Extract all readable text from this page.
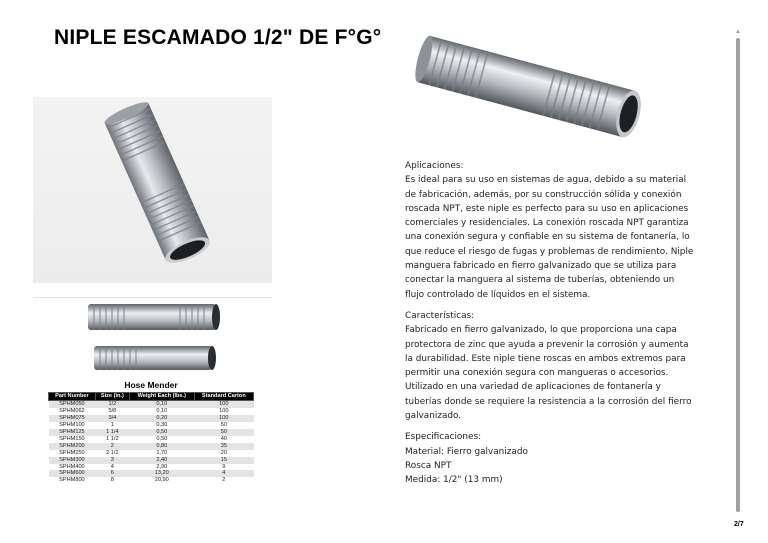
NIPLE ESCAMADO 1/2" DE F°G°
Hose Mender
Part Number	Size (in.)	Weight Each (lbs.)	Standard Carton
SPHM050	1/2	0,10	100
SPHM062	5/8	0,10	100
SPHM075	3/4	0,20	100
SPHM100	1	0,30	50
SPHM125	1 1/4	0,50	50
SPHM150	1 1/2	0,50	40
SPHM200	2	0,80	35
SPHM250	2 1/2	1,70	20
SPHM300	3	2,40	15
SPHM400	4	2,90	9
SPHM600	6	13,20	4
SPHM800	8	20,90	2

Aplicaciones:
Es ideal para su uso en sistemas de agua, debido a su material de fabricación, además, por su construcción sólida y conexión roscada NPT, este niple es perfecto para su uso en aplicaciones comerciales y residenciales. La conexión roscada NPT garantiza una conexión segura y confiable en su sistema de fontanería, lo que reduce el riesgo de fugas y problemas de rendimiento. Niple manguera fabricado en fierro galvanizado que se utiliza para conectar la manguera al sistema de tuberías, obteniendo un flujo controlado de líquidos en el sistema.

Características:
Fabricado en fierro galvanizado, lo que proporciona una capa protectora de zinc que ayuda a prevenir la corrosión y aumenta la durabilidad. Este niple tiene roscas en ambos extremos para permitir una conexión segura con mangueras o accesorios. Utilizado en una variedad de aplicaciones de fontanería y tuberías donde se requiere la resistencia a la corrosión del fierro galvanizado.

Especificaciones:
Material: Fierro galvanizado
Rosca NPT
Medida: 1/2" (13 mm)

▲
2/7
